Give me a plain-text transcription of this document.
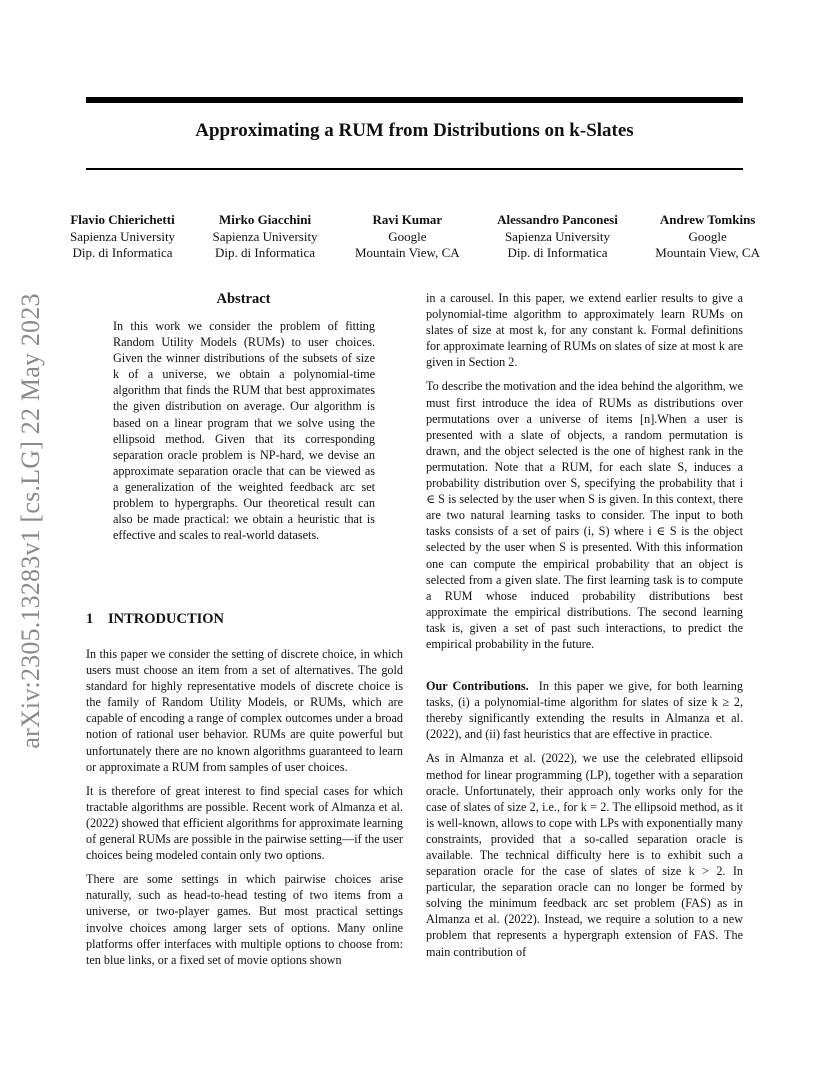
Approximating a RUM from Distributions on k-Slates
Flavio Chierichetti
Sapienza University
Dip. di Informatica
Mirko Giacchini
Sapienza University
Dip. di Informatica
Ravi Kumar
Google
Mountain View, CA
Alessandro Panconesi
Sapienza University
Dip. di Informatica
Andrew Tomkins
Google
Mountain View, CA
arXiv:2305.13283v1 [cs.LG] 22 May 2023	Abstract

In this work we consider the problem of fitting Random Utility Models (RUMs) to user choices. Given the winner distributions of the subsets of size k of a universe, we obtain a polynomial-time algorithm that finds the RUM that best approximates the given distribution on average. Our algorithm is based on a linear program that we solve using the ellipsoid method. Given that its corresponding separation oracle problem is NP-hard, we devise an approximate separation oracle that can be viewed as a generalization of the weighted feedback arc set problem to hypergraphs. Our theoretical result can also be made practical: we obtain a heuristic that is effective and scales to real-world datasets.

1 INTRODUCTION

In this paper we consider the setting of discrete choice, in which users must choose an item from a set of alternatives. The gold standard for highly representative models of discrete choice is the family of Random Utility Models, or RUMs, which are capable of encoding a range of complex outcomes under a broad notion of rational user behavior. RUMs are quite powerful but unfortunately there are no known algorithms guaranteed to learn or approximate a RUM from samples of user choices.

It is therefore of great interest to find special cases for which tractable algorithms are possible. Recent work of Almanza et al. (2022) showed that efficient algorithms for approximate learning of general RUMs are possible in the pairwise setting—if the user choices being modeled contain only two options.

There are some settings in which pairwise choices arise naturally, such as head-to-head testing of two items from a universe, or two-player games. But most practical settings involve choices among larger sets of options. Many online platforms offer interfaces with multiple options to choose from: ten blue links, or a fixed set of movie options shown

in a carousel. In this paper, we extend earlier results to give a polynomial-time algorithm to approximately learn RUMs on slates of size at most k, for any constant k. Formal definitions for approximate learning of RUMs on slates of size at most k are given in Section 2.

To describe the motivation and the idea behind the algorithm, we must first introduce the idea of RUMs as distributions over permutations over a universe of items [n].When a user is presented with a slate of objects, a random permutation is drawn, and the object selected is the one of highest rank in the permutation. Note that a RUM, for each slate S, induces a probability distribution over S, specifying the probability that i ∈ S is selected by the user when S is given. In this context, there are two natural learning tasks to consider. The input to both tasks consists of a set of pairs (i, S) where i ∈ S is the object selected by the user when S is presented. With this information one can compute the empirical probability that an object is selected from a given slate. The first learning task is to compute a RUM whose induced probability distributions best approximate the empirical distributions. The second learning task is, given a set of past such interactions, to predict the empirical probability in the future.

Our Contributions. In this paper we give, for both learning tasks, (i) a polynomial-time algorithm for slates of size k ≥ 2, thereby significantly extending the results in Almanza et al. (2022), and (ii) fast heuristics that are effective in practice.

As in Almanza et al. (2022), we use the celebrated ellipsoid method for linear programming (LP), together with a separation oracle. Unfortunately, their approach only works only for the case of slates of size 2, i.e., for k = 2. The ellipsoid method, as it is well-known, allows to cope with LPs with exponentially many constraints, provided that a so-called separation oracle is available. The technical difficulty here is to exhibit such a separation oracle for the case of slates of size k > 2. In particular, the separation oracle can no longer be formed by solving the minimum feedback arc set problem (FAS) as in Almanza et al. (2022). Instead, we require a solution to a new problem that represents a hypergraph extension of FAS. The main contribution of
